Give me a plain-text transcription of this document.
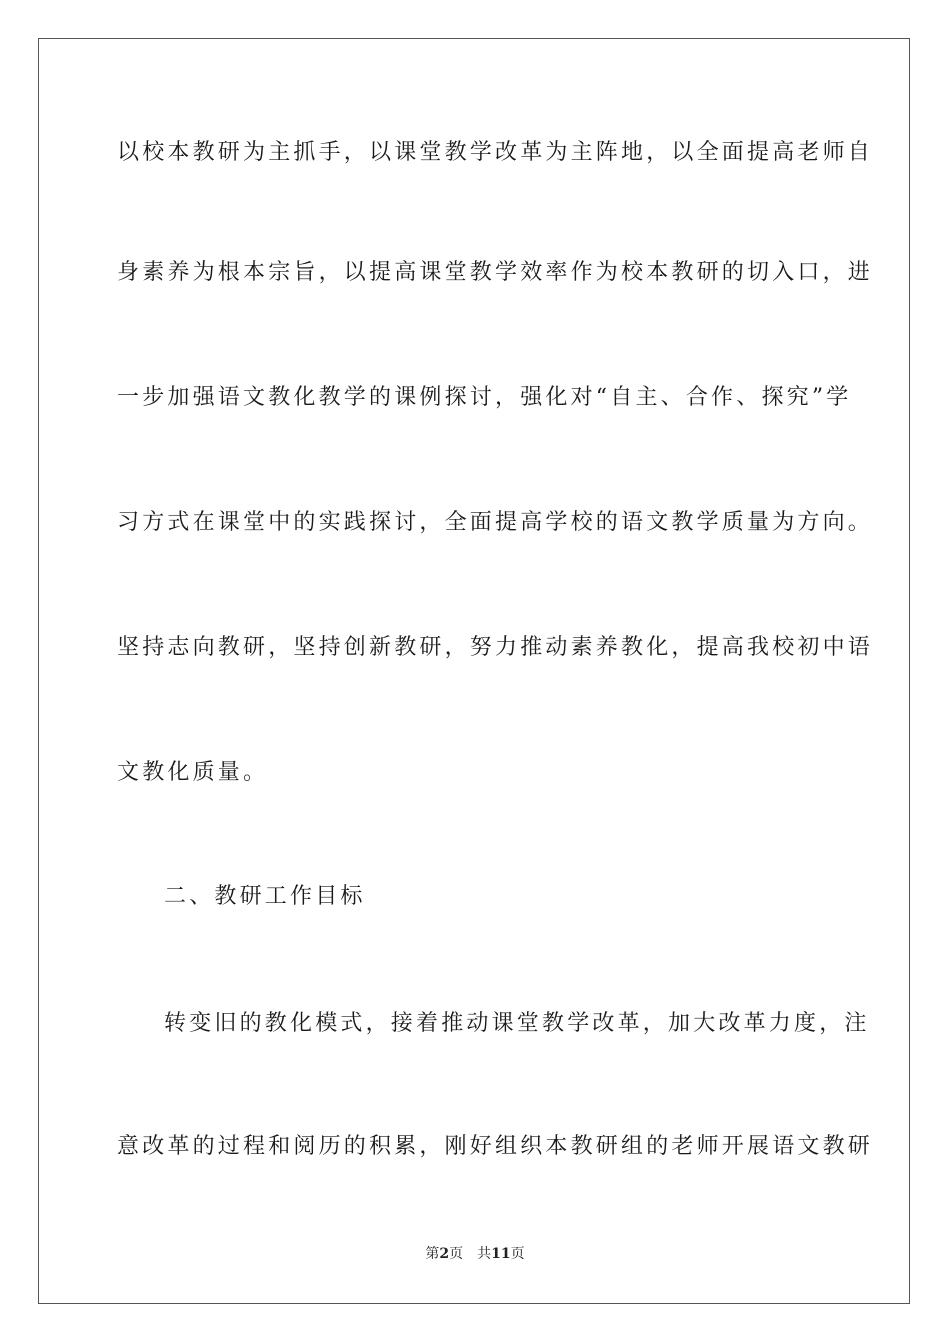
以校本教研为主抓手，以课堂教学改革为主阵地，以全面提高老师自
身素养为根本宗旨，以提高课堂教学效率作为校本教研的切入口，进
一步加强语文教化教学的课例探讨，强化对“自主、合作、探究”学
习方式在课堂中的实践探讨，全面提高学校的语文教学质量为方向。
坚持志向教研，坚持创新教研，努力推动素养教化，提高我校初中语
文教化质量。
二、教研工作目标
转变旧的教化模式，接着推动课堂教学改革，加大改革力度，注
意改革的过程和阅历的积累，刚好组织本教研组的老师开展语文教研
第2页 共11页
